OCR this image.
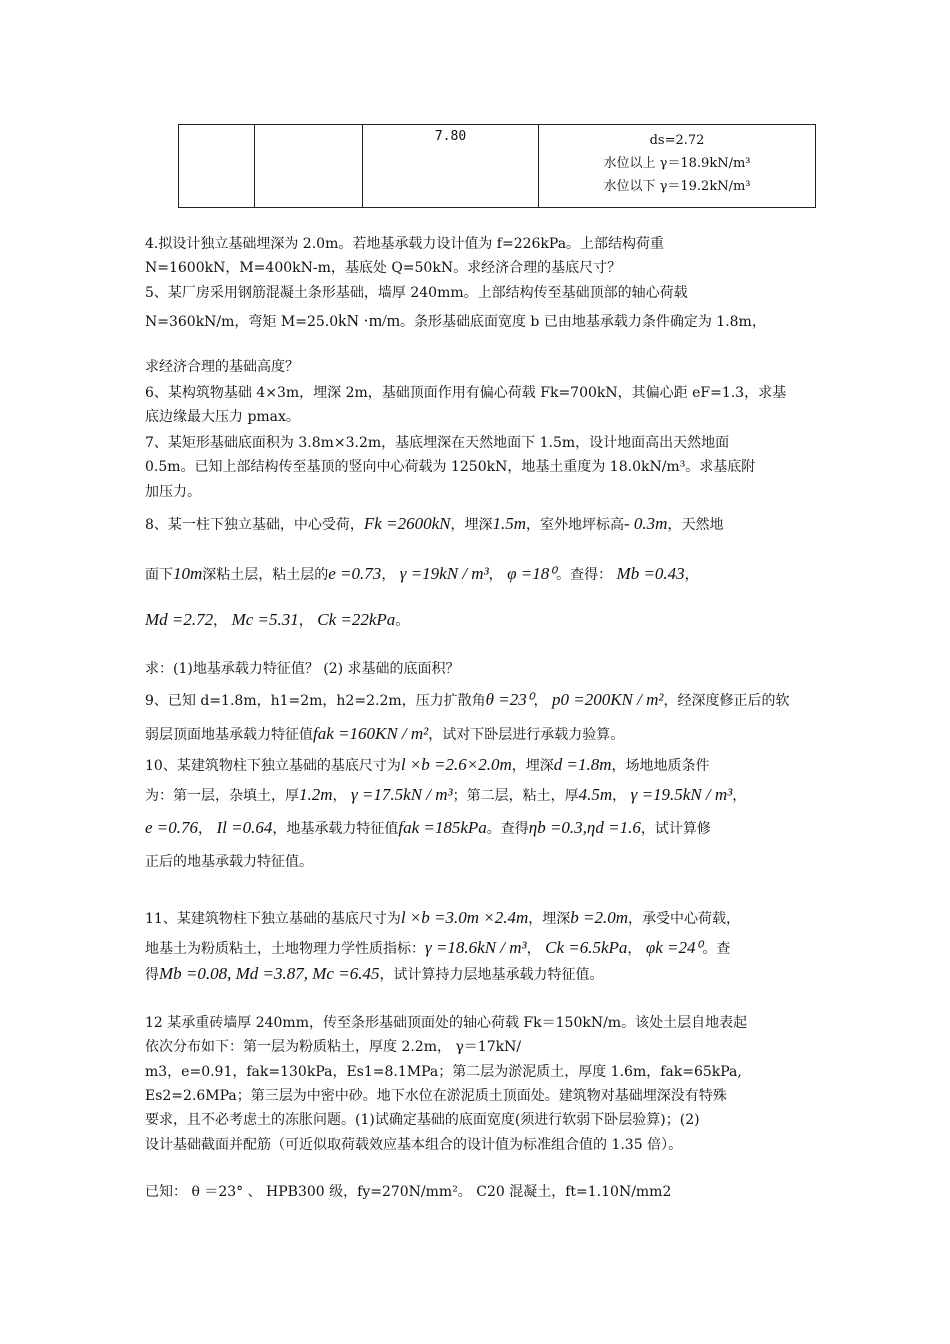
		7.80	ds=2.72
水位以上 γ＝18.9kN/m³
水位以下 γ＝19.2kN/m³
4.拟设计独立基础埋深为 2.0m。若地基承载力设计值为 f=226kPa。上部结构荷重
N=1600kN，M=400kN-m，基底处 Q=50kN。求经济合理的基底尺寸？
5、某厂房采用钢筋混凝土条形基础，墙厚 240mm。上部结构传至基础顶部的轴心荷载
N=360kN/m，弯矩 M=25.0kN ·m/m。条形基础底面宽度 b 已由地基承载力条件确定为 1.8m，
求经济合理的基础高度？
6、某构筑物基础 4×3m，埋深 2m，基础顶面作用有偏心荷载 Fk=700kN，其偏心距 eF=1.3，求基
底边缘最大压力 pmax。
7、某矩形基础底面积为 3.8m×3.2m，基底埋深在天然地面下 1.5m，设计地面高出天然地面
0.5m。已知上部结构传至基顶的竖向中心荷载为 1250kN，地基土重度为 18.0kN/m³。求基底附
加压力。
8、某一柱下独立基础，中心受荷，Fk =2600kN，埋深1.5m，室外地坪标高- 0.3m，天然地
面下10m深粘土层，粘土层的e =0.73， γ =19kN / m³， φ =18⁰。查得： Mb =0.43，
Md =2.72， Mc =5.31， Ck =22kPa。
求：(1)地基承载力特征值？ (2) 求基础的底面积？
9、已知 d=1.8m，h1=2m，h2=2.2m，压力扩散角θ =23⁰， p0 =200KN / m²，经深度修正后的软
弱层顶面地基承载力特征值fak =160KN / m²，试对下卧层进行承载力验算。
10、某建筑物柱下独立基础的基底尺寸为l ×b =2.6×2.0m，埋深d =1.8m，场地地质条件
为：第一层，杂填土，厚1.2m， γ =17.5kN / m³；第二层，粘土，厚4.5m， γ =19.5kN / m³，
e =0.76， Il =0.64，地基承载力特征值fak =185kPa。查得ηb =0.3,ηd =1.6，试计算修
正后的地基承载力特征值。
11、某建筑物柱下独立基础的基底尺寸为l ×b =3.0m ×2.4m，埋深b =2.0m，承受中心荷载，
地基土为粉质粘土，土地物理力学性质指标：γ =18.6kN / m³， Ck =6.5kPa， φk =24⁰。查
得Mb =0.08, Md =3.87, Mc =6.45，试计算持力层地基承载力特征值。
12 某承重砖墙厚 240mm，传至条形基础顶面处的轴心荷载 Fk＝150kN/m。该处土层自地表起
依次分布如下：第一层为粉质粘土，厚度 2.2m， γ＝17kN/
m3，e=0.91，fak=130kPa，Es1=8.1MPa；第二层为淤泥质土，厚度 1.6m，fak=65kPa,
Es2=2.6MPa；第三层为中密中砂。地下水位在淤泥质土顶面处。建筑物对基础埋深没有特殊
要求，且不必考虑土的冻胀问题。(1)试确定基础的底面宽度(须进行软弱下卧层验算)；(2)
设计基础截面并配筋（可近似取荷载效应基本组合的设计值为标准组合值的 1.35 倍）。
已知： θ ＝23° 、 HPB300 级，fy=270N/mm²。 C20 混凝土，ft=1.10N/mm2
